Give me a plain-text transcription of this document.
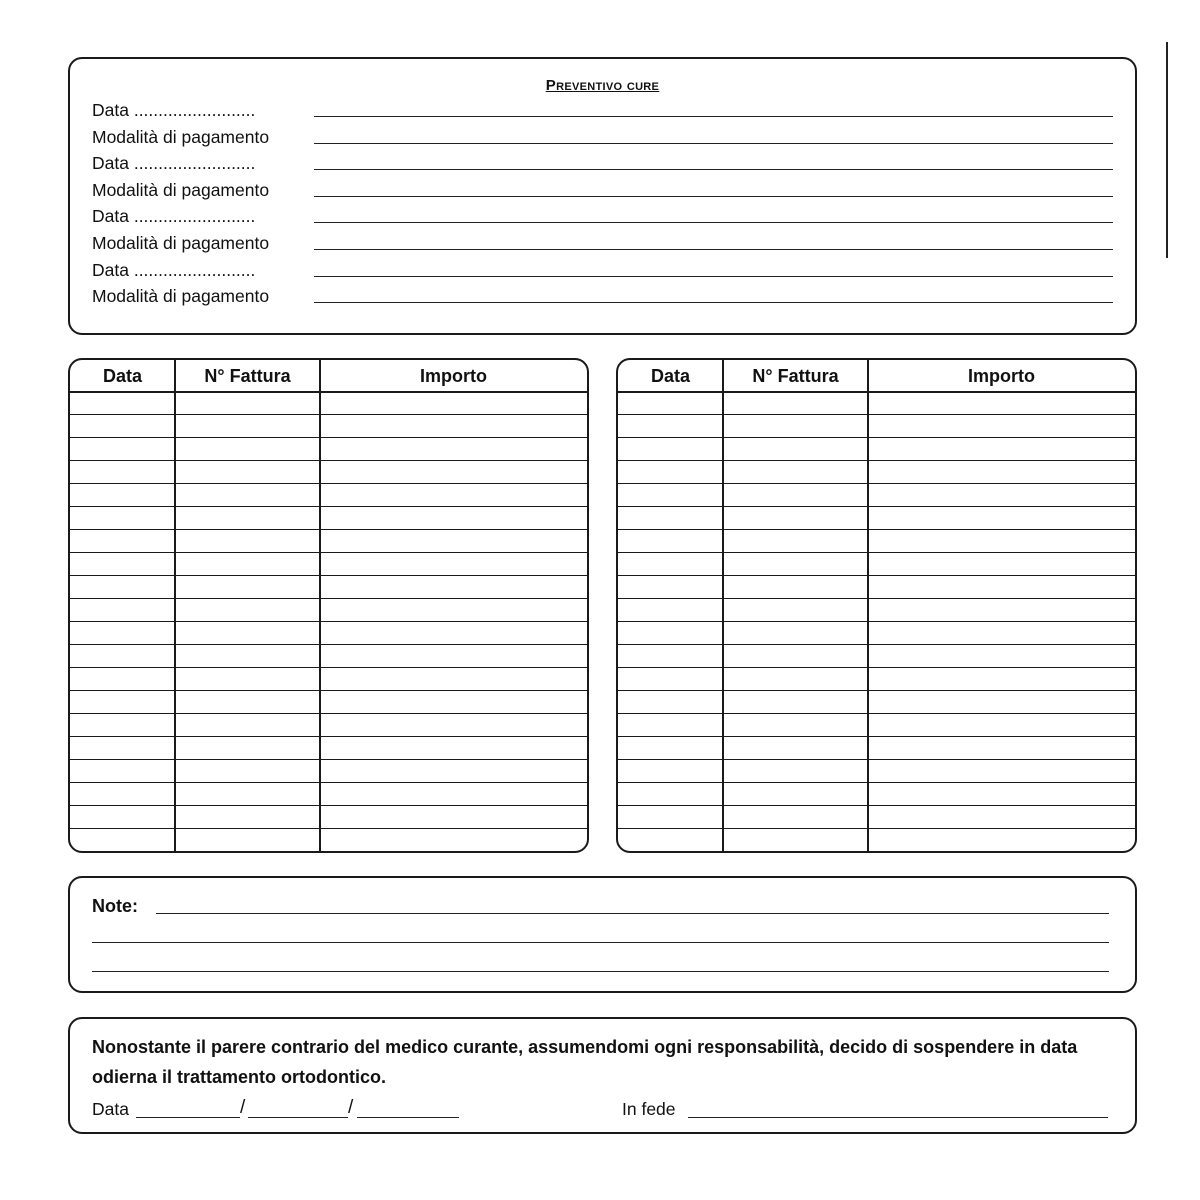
Preventivo cure
Data .........................
Modalità di pagamento
Data .........................
Modalità di pagamento
Data .........................
Modalità di pagamento
Data .........................
Modalità di pagamento
Data	N° Fattura	Importo	Data	N° Fattura	Importo
Note:
Nonostante il parere contrario del medico curante, assumendomi ogni responsabilità, decido di sospendere in data odierna il trattamento ortodontico.
Data	/	/	In fede
